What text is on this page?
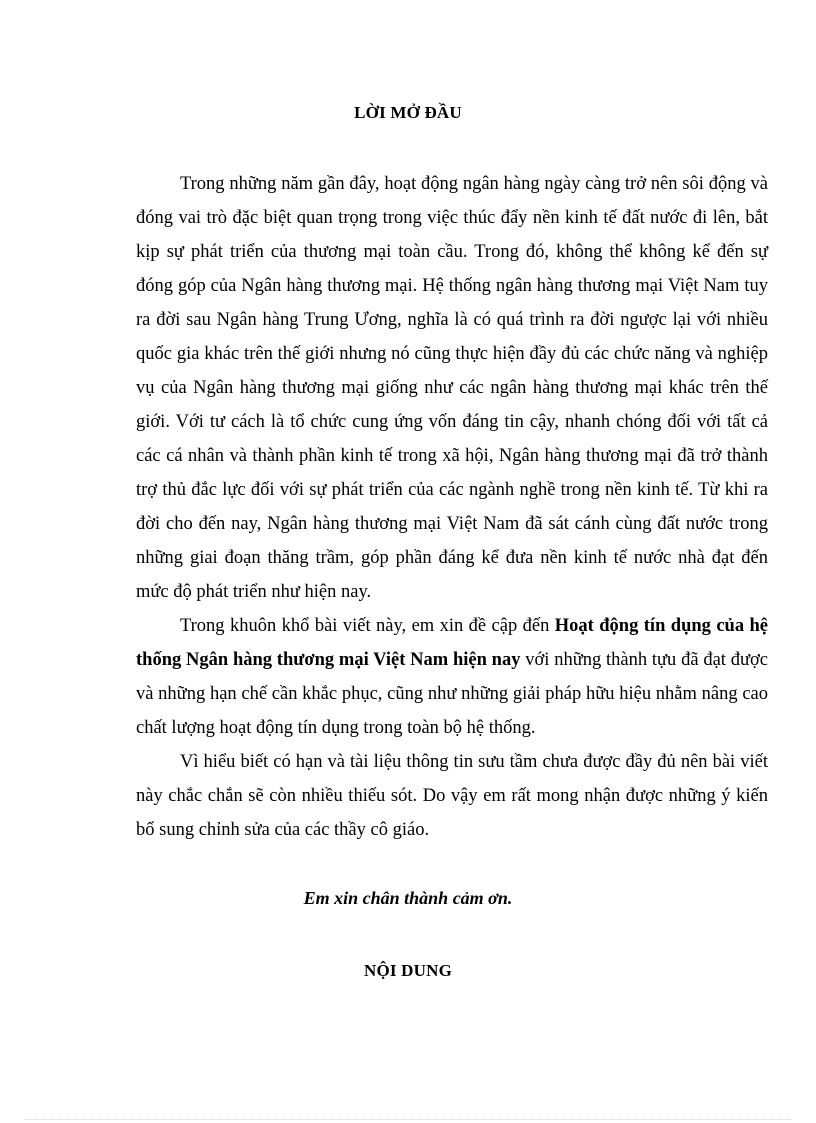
LỜI MỞ ĐẦU

Trong những năm gần đây, hoạt động ngân hàng ngày càng trở nên sôi động và đóng vai trò đặc biệt quan trọng trong việc thúc đẩy nền kinh tế đất nước đi lên, bắt kịp sự phát triển của thương mại toàn cầu. Trong đó, không thể không kể đến sự đóng góp của Ngân hàng thương mại. Hệ thống ngân hàng thương mại Việt Nam tuy ra đời sau Ngân hàng Trung Ương, nghĩa là có quá trình ra đời ngược lại với nhiều quốc gia khác trên thế giới nhưng nó cũng thực hiện đầy đủ các chức năng và nghiệp vụ của Ngân hàng thương mại giống như các ngân hàng thương mại khác trên thế giới. Với tư cách là tổ chức cung ứng vốn đáng tin cậy, nhanh chóng đối với tất cả các cá nhân và thành phần kinh tế trong xã hội, Ngân hàng thương mại đã trở thành trợ thủ đắc lực đối với sự phát triển của các ngành nghề trong nền kinh tế. Từ khi ra đời cho đến nay, Ngân hàng thương mại Việt Nam đã sát cánh cùng đất nước trong những giai đoạn thăng trầm, góp phần đáng kể đưa nền kinh tế nước nhà đạt đến mức độ phát triển như hiện nay.

Trong khuôn khổ bài viết này, em xin đề cập đến Hoạt động tín dụng của hệ thống Ngân hàng thương mại Việt Nam hiện nay với những thành tựu đã đạt được và những hạn chế cần khắc phục, cũng như những giải pháp hữu hiệu nhằm nâng cao chất lượng hoạt động tín dụng trong toàn bộ hệ thống.

Vì hiểu biết có hạn và tài liệu thông tin sưu tầm chưa được đầy đủ nên bài viết này chắc chắn sẽ còn nhiều thiếu sót. Do vậy em rất mong nhận được những ý kiến bổ sung chỉnh sửa của các thầy cô giáo.

Em xin chân thành cảm ơn.
NỘI DUNG
